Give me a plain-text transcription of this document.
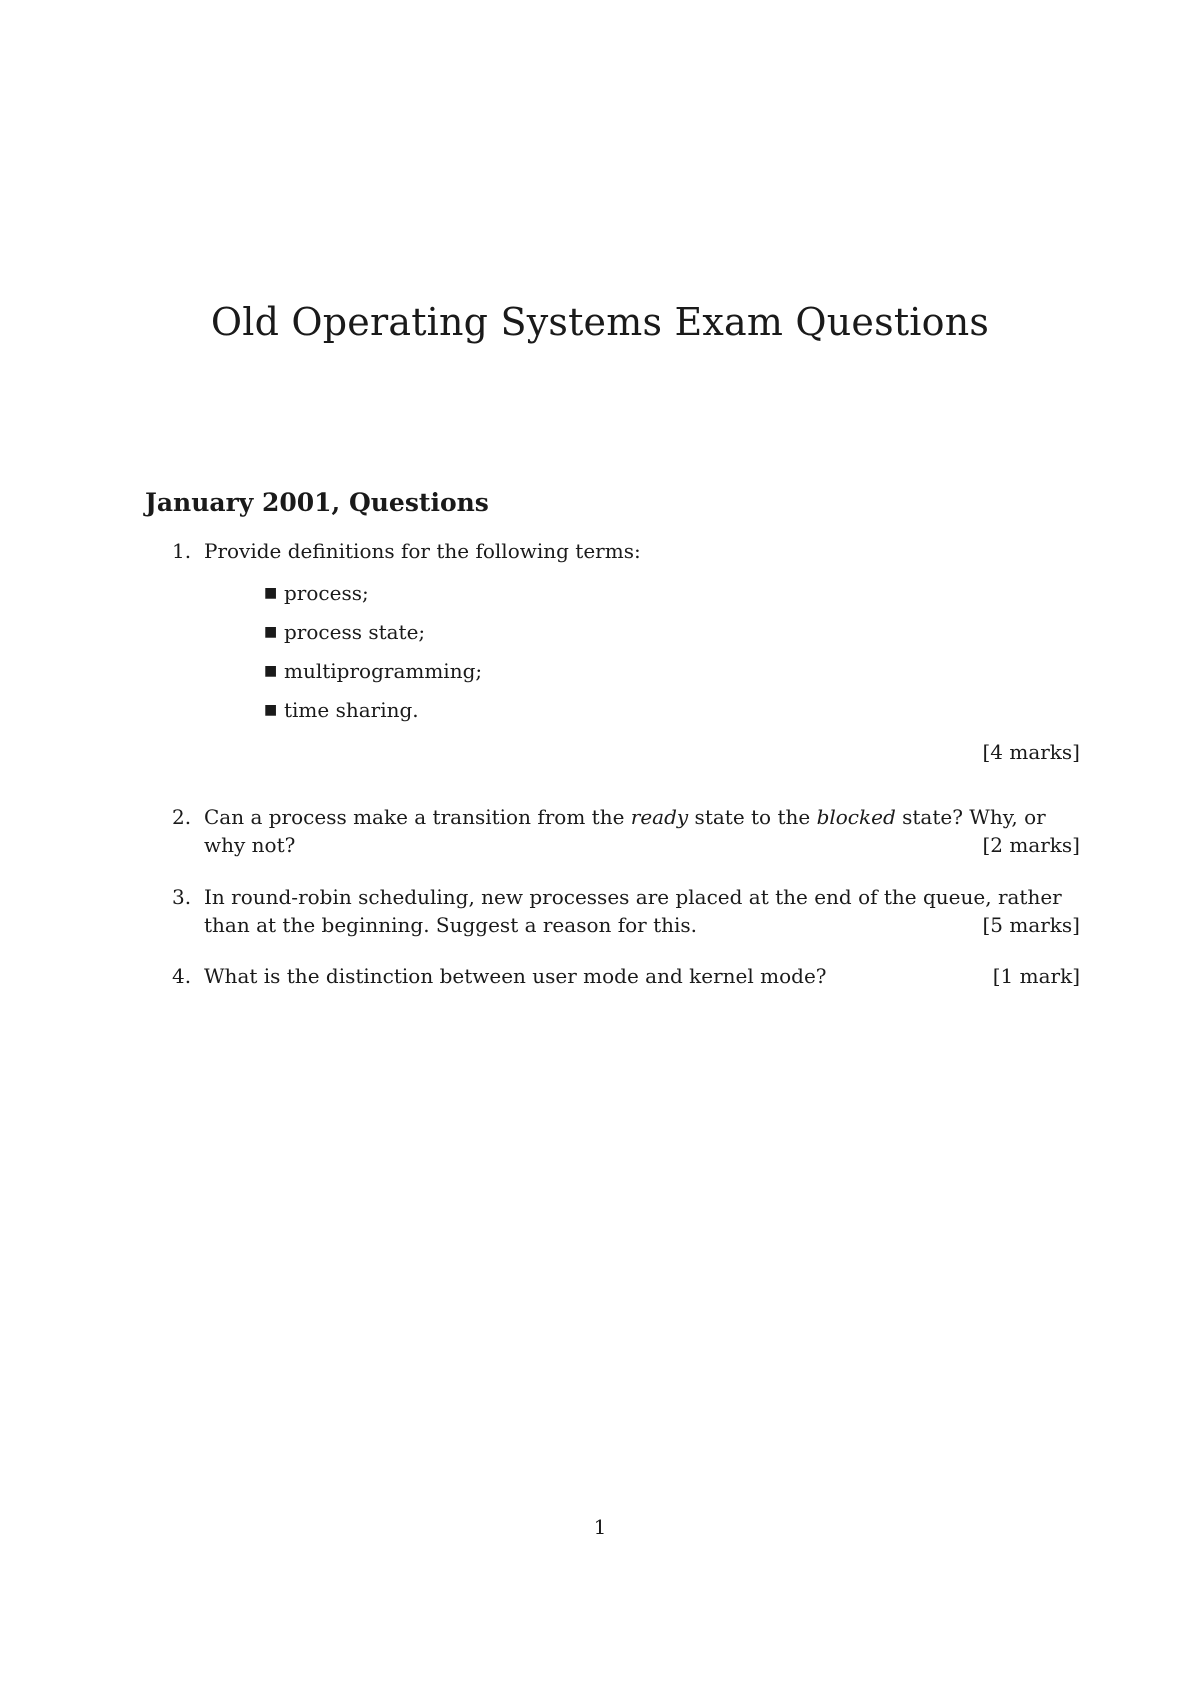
Old Operating Systems Exam Questions
January 2001, Questions
1. Provide definitions for the following terms:
■ process;
■ process state;
■ multiprogramming;
■ time sharing.
[4 marks]
2. Can a process make a transition from the ready state to the blocked state? Why, or why not?	[2 marks]
3. In round-robin scheduling, new processes are placed at the end of the queue, rather than at the beginning. Suggest a reason for this.	[5 marks]
4. What is the distinction between user mode and kernel mode?	[1 mark]
1
